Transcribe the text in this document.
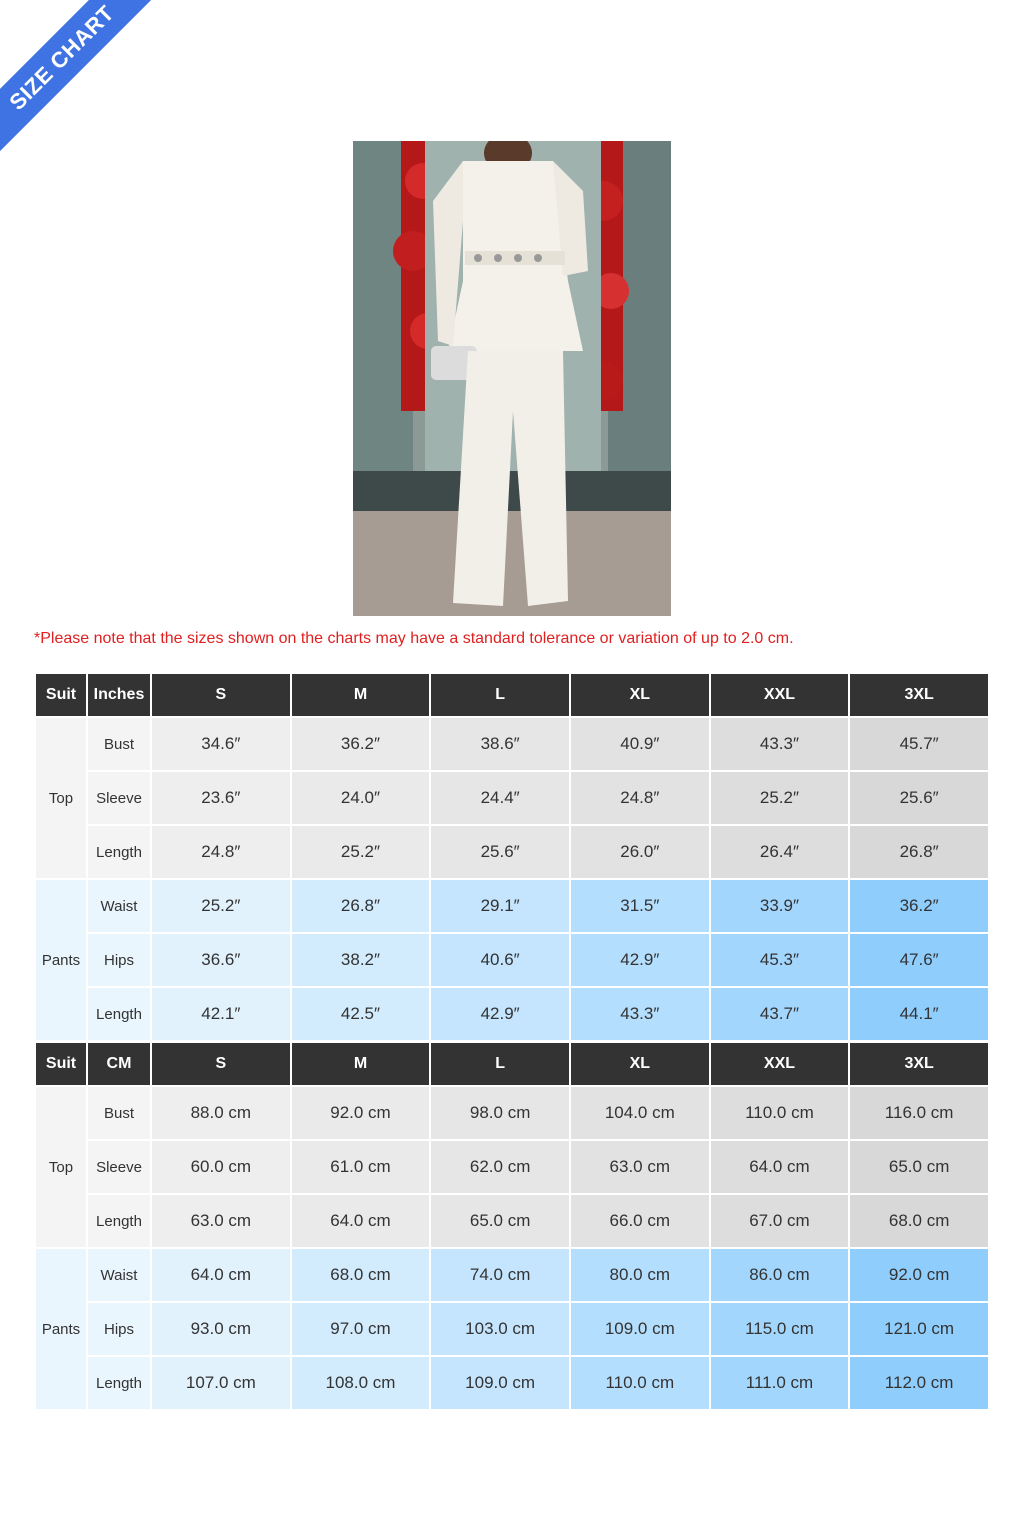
SIZE CHART
*Please note that the sizes shown on the charts may have a standard tolerance or variation of up to 2.0 cm.
Suit	Inches	S	M	L	XL	XXL	3XL
Top	Bust	34.6″	36.2″	38.6″	40.9″	43.3″	45.7″
	Sleeve	23.6″	24.0″	24.4″	24.8″	25.2″	25.6″
	Length	24.8″	25.2″	25.6″	26.0″	26.4″	26.8″
Pants	Waist	25.2″	26.8″	29.1″	31.5″	33.9″	36.2″
	Hips	36.6″	38.2″	40.6″	42.9″	45.3″	47.6″
	Length	42.1″	42.5″	42.9″	43.3″	43.7″	44.1″
Suit	CM	S	M	L	XL	XXL	3XL
Top	Bust	88.0 cm	92.0 cm	98.0 cm	104.0 cm	110.0 cm	116.0 cm
	Sleeve	60.0 cm	61.0 cm	62.0 cm	63.0 cm	64.0 cm	65.0 cm
	Length	63.0 cm	64.0 cm	65.0 cm	66.0 cm	67.0 cm	68.0 cm
Pants	Waist	64.0 cm	68.0 cm	74.0 cm	80.0 cm	86.0 cm	92.0 cm
	Hips	93.0 cm	97.0 cm	103.0 cm	109.0 cm	115.0 cm	121.0 cm
	Length	107.0 cm	108.0 cm	109.0 cm	110.0 cm	111.0 cm	112.0 cm
